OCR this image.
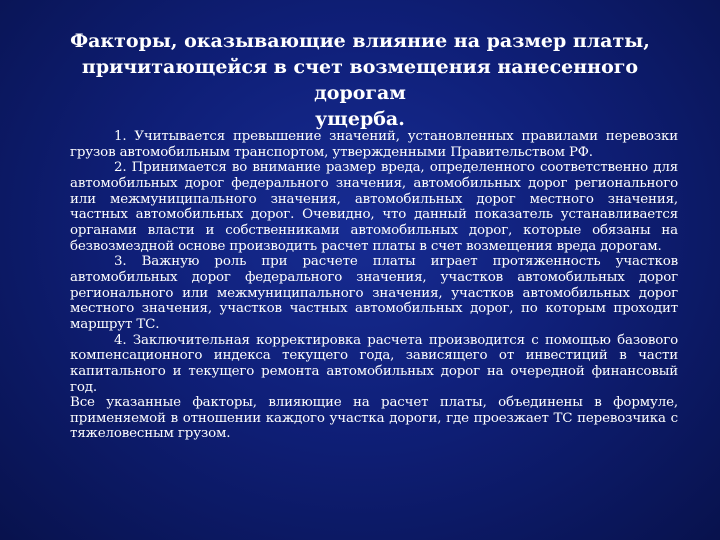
Факторы, оказывающие влияние на размер платы,
причитающейся в счет возмещения нанесенного дорогам
ущерба.

1. Учитывается превышение значений, установленных правилами перевозки грузов автомобильным транспортом, утвержденными Правительством РФ.

2. Принимается во внимание размер вреда, определенного соответственно для автомобильных дорог федерального значения, автомобильных дорог регионального или межмуниципального значения, автомобильных дорог местного значения, частных автомобильных дорог. Очевидно, что данный показатель устанавливается органами власти и собственниками автомобильных дорог, которые обязаны на безвозмездной основе производить расчет платы в счет возмещения вреда дорогам.

3. Важную роль при расчете платы играет протяженность участков автомобильных дорог федерального значения, участков автомобильных дорог регионального или межмуниципального значения, участков автомобильных дорог местного значения, участков частных автомобильных дорог, по которым проходит маршрут ТС.

4. Заключительная корректировка расчета производится с помощью базового компенсационного индекса текущего года, зависящего от инвестиций в части капитального и текущего ремонта автомобильных дорог на очередной финансовый год.

Все указанные факторы, влияющие на расчет платы, объединены в формуле, применяемой в отношении каждого участка дороги, где проезжает ТС перевозчика с тяжеловесным грузом.
